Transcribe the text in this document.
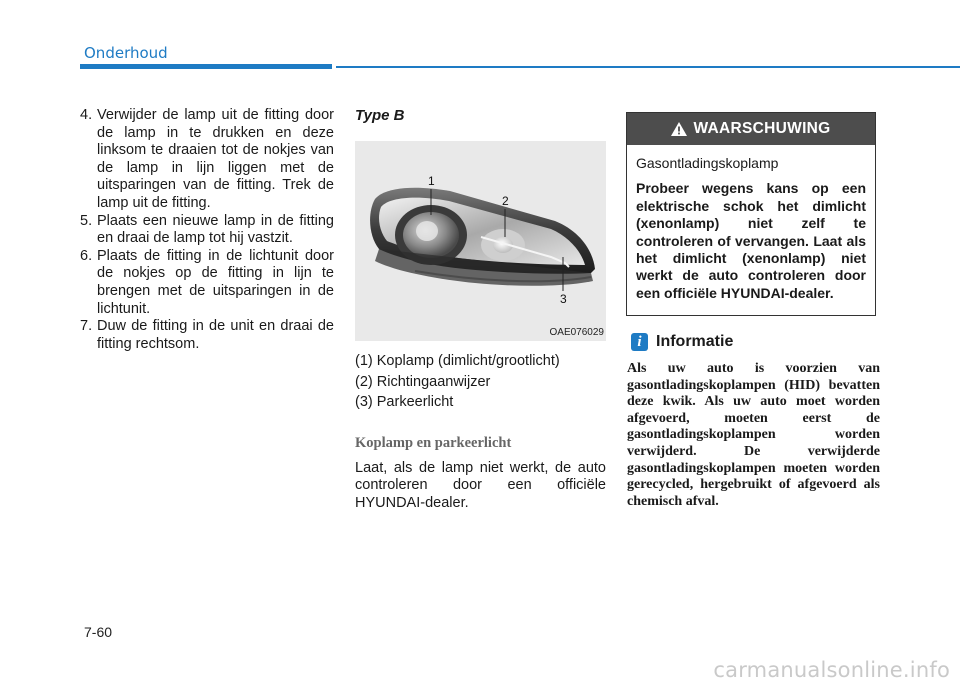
Onderhoud
4. Verwijder de lamp uit de fitting door de lamp in te drukken en deze linksom te draaien tot de nokjes van de lamp in lijn liggen met de uitsparingen van de fitting. Trek de lamp uit de fitting.
5. Plaats een nieuwe lamp in de fitting en draai de lamp tot hij vastzit.
6. Plaats de fitting in de lichtunit door de nokjes op de fitting in lijn te brengen met de uitsparingen in de lichtunit.
7. Duw de fitting in de unit en draai de fitting rechtsom.
Type B
1
2
3
OAE076029
(1) Koplamp (dimlicht/grootlicht)
(2) Richtingaanwijzer
(3) Parkeerlicht
Koplamp en parkeerlicht
Laat, als de lamp niet werkt, de auto controleren door een officiële HYUNDAI-dealer.
WAARSCHUWING
Gasontladingskoplamp
Probeer wegens kans op een elektrische schok het dimlicht (xenonlamp) niet zelf te controleren of vervangen. Laat als het dimlicht (xenonlamp) niet werkt de auto controleren door een officiële HYUNDAI-dealer.
i Informatie
Als uw auto is voorzien van gasontladingskoplampen (HID) bevatten deze kwik. Als uw auto moet worden afgevoerd, moeten eerst de gasontladingskoplampen worden verwijderd. De verwijderde gasontladingskoplampen moeten worden gerecycled, hergebruikt of afgevoerd als chemisch afval.
7-60
carmanualsonline.info
